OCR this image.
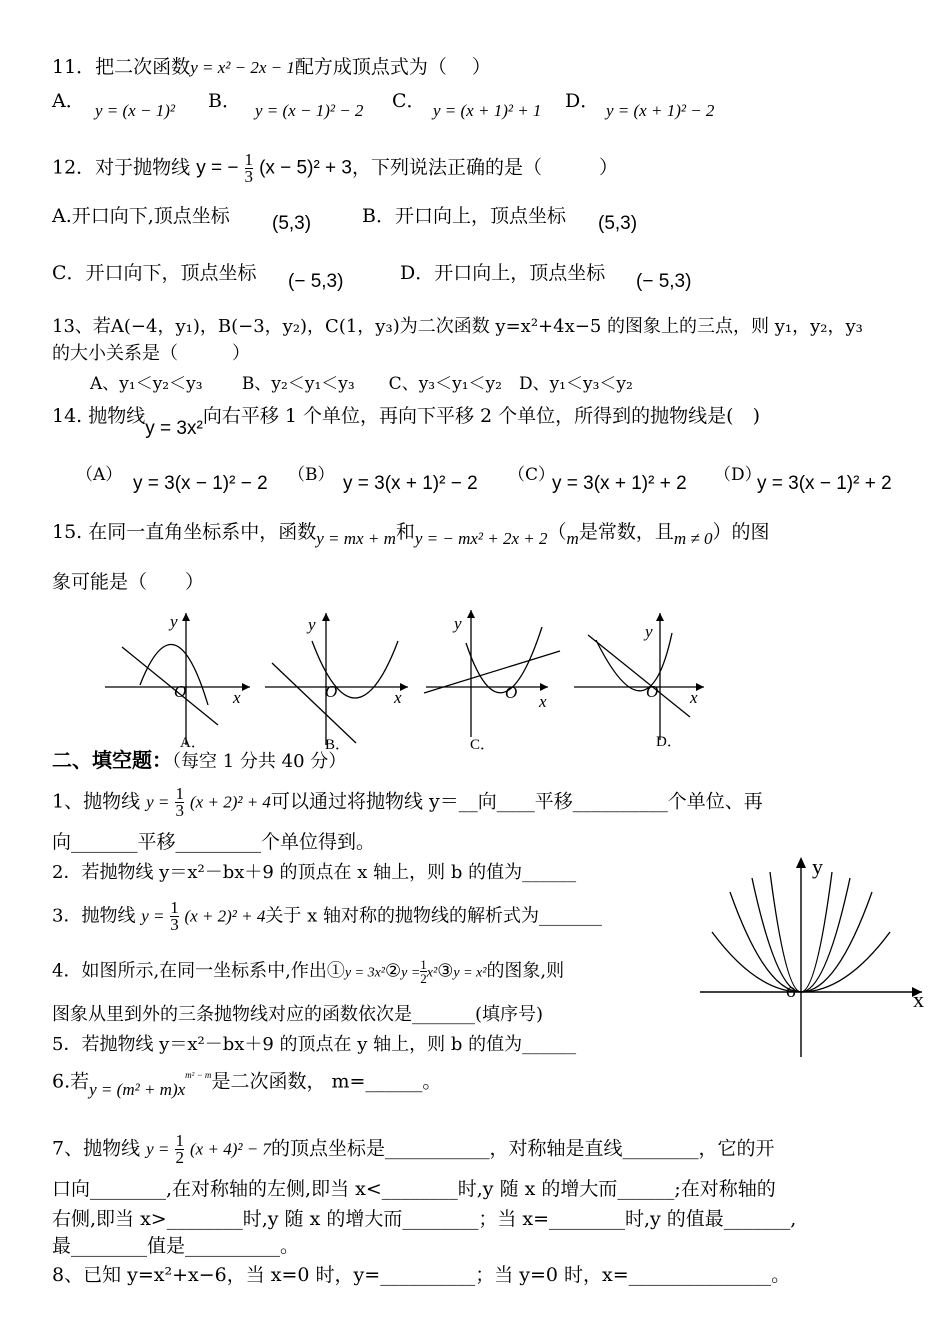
11．把二次函数y = x² − 2x − 1配方成顶点式为（　 ）
A． y = (x − 1)² B． y = (x − 1)² − 2 C． y = (x + 1)² + 1 D． y = (x + 1)² − 2
12．对于抛物线 y = − $\frac{1}{3} (x - 5)^2 + 3$，下列说法正确的是（　　　）
A.开口向下,顶点坐标 (5,3)	B．开口向上，顶点坐标 (5,3)
C．开口向下，顶点坐标 (− 5,3)	D．开口向上，顶点坐标 (− 5,3)
13、若A(−4，y₁)，B(−3，y₂)，C(1，y₃)为二次函数 y=x²+4x−5 的图象上的三点，则 y₁，y₂，y₃
的大小关系是（　　　）
A、y₁＜y₂＜y₃　　 B、y₂＜y₁＜y₃　　C、y₃＜y₁＜y₂　D、y₁＜y₃＜y₂
14. 抛物线y = 3x²向右平移 1 个单位，再向下平移 2 个单位，所得到的抛物线是(　)
（A） y = 3(x − 1)² − 2 （B） y = 3(x + 1)² − 2 （C）
y = 3(x + 1)² + 2 （D）
y = 3(x − 1)² + 2
15. 在同一直角坐标系中，函数y = mx + m和y = − mx² + 2x + 2（m是常数，且m ≠ 0）的图
象可能是（　　）
y
x
O
A．
y
x
O
B．
y
x
O
C．
y
x
O
D．
二、填空题：（每空 1 分共 40 分）
1、抛物线 $y = \frac{1}{3} (x + 2)^2 + 4$可以通过将抛物线 y＝__向____平移__________个单位、再
向_______平移_________个单位得到。
2．若抛物线 y＝x²－bx＋9 的顶点在 x 轴上，则 b 的值为______
3．抛物线 $y = \frac{1}{3} (x + 2)^2 + 4$关于 x 轴对称的抛物线的解析式为_______
4．如图所示,在同一坐标系中,作出①y = 3x²②y = $\frac{1}{2}$ x²③y = x²的图象,则
图象从里到外的三条抛物线对应的函数依次是_______(填序号)
y
x
o
5．若抛物线 y＝x²－bx＋9 的顶点在 y 轴上，则 b 的值为______
6.若$y = (m^2 + m)x^{m^2 - m}$是二次函数， m=______。
7、抛物线 $y = \frac{1}{2} (x + 4)^2 - 7$的顶点坐标是___________，对称轴是直线________，它的开
口向________,在对称轴的左侧,即当 x<________时,y 随 x 的增大而______;在对称轴的
右侧,即当 x>________时,y 随 x 的增大而________；当 x=________时,y 的值最_______,
最________值是__________。
8、已知 y=x²+x−6，当 x=0 时，y=__________；当 y=0 时，x=_______________。
